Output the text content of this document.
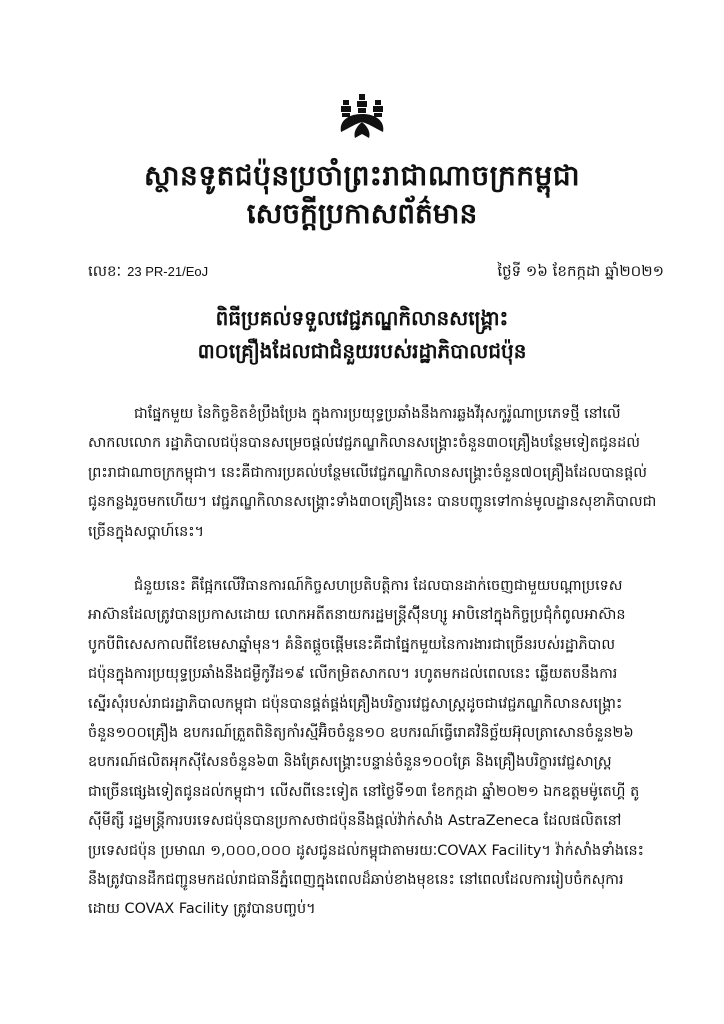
ស្ថានទូតជប៉ុនប្រចាំព្រះរាជាណាចក្រកម្ពុជា
សេចក្តីប្រកាសព័ត៌មាន
លេខៈ 23 PR-21/EoJ	ថ្ងៃទី ១៦ ខែកក្កដា ឆ្នាំ២០២១
ពិធីប្រគល់ទទួលវេជ្ជភណ្ឌកិលានសង្គ្រោះ
៣០គ្រឿងដែលជាជំនួយរបស់រដ្ឋាភិបាលជប៉ុន
ជាផ្នែកមួយ នៃកិច្ចខិតខំប្រឹងប្រែង ក្នុងការប្រយុទ្ធប្រឆាំងនឹងការឆ្លងវីរុសកូរ៉ូណាប្រភេទថ្មី នៅលើ
សាកលលោក រដ្ឋាភិបាលជប៉ុនបានសម្រេចផ្តល់វេជ្ជភណ្ឌកិលានសង្គ្រោះចំនួន៣០គ្រឿងបន្ថែមទៀតជូនដល់
ព្រះរាជាណាចក្រកម្ពុជា។ នេះគឺជាការប្រគល់បន្ថែមលើវេជ្ជភណ្ឌកិលានសង្គ្រោះចំនួន៧០គ្រឿងដែលបានផ្តល់
ជូនកន្លងរួចមកហើយ។ វេជ្ជភណ្ឌកិលានសង្គ្រោះទាំង៣០គ្រឿងនេះ បានបញ្ជូនទៅកាន់មូលដ្ឋានសុខាភិបាលជា
ច្រើនក្នុងសប្តាហ៍នេះ។
ជំនួយនេះ គឺផ្អែកលើវិធានការណ៍កិច្ចសហប្រតិបត្តិការ ដែលបានដាក់ចេញជាមួយបណ្តាប្រទេស
អាស៊ានដែលត្រូវបានប្រកាសដោយ លោកអតីតនាយករដ្ឋមន្ត្រីស៊ុីនហ្សូ អាបិនៅក្នុងកិច្ចប្រជុំកំពូលអាស៊ាន
បូកបីពិសេសកាលពីខែមេសាឆ្នាំមុន។ គំនិតផ្តួចផ្តើមនេះគឺជាផ្នែកមួយនៃការងារជាច្រើនរបស់រដ្ឋាភិបាល
ជប៉ុនក្នុងការប្រយុទ្ធប្រឆាំងនឹងជម្ងឺកូវីដ១៩ លើកម្រិតសាកល។ រហូតមកដល់ពេលនេះ ឆ្លើយតបនឹងការ
ស្នើរសុំរបស់រាជរដ្ឋាភិបាលកម្ពុជា ជប៉ុនបានផ្គត់ផ្គង់គ្រឿងបរិក្ខារវេជ្ជសាស្រ្តដូចជាវេជ្ជភណ្ឌកិលានសង្គ្រោះ
ចំនួន១០០គ្រឿង ឧបករណ៍ត្រួតពិនិត្យកាំរស្មីអ៊ិចចំនួន១០ ឧបករណ៍ធ្វើរោគវិនិច្ឆ័យអ៊ុលត្រាសោនចំនួន២៦
ឧបករណ៍ផលិតអុកស៊ីសែនចំនួន៦៣ និងគ្រែសង្គ្រោះបន្ទាន់ចំនួន១០០គ្រែ និងគ្រឿងបរិក្ខារវេជ្ជសាស្រ្ត
ជាច្រើនផ្សេងទៀតជូនដល់កម្ពុជា។ លើសពីនេះទៀត នៅថ្ងៃទី១៣ ខែកក្កដា ឆ្នាំ២០២១ ឯកឧត្តមម៉ូតេហ្គី តូ
ស៊ីមីត្សឺ រដ្ឋមន្ត្រីការបរទេសជប៉ុនបានប្រកាសថាជប៉ុននឹងផ្តល់វ៉ាក់សាំង AstraZeneca ដែលផលិតនៅ
ប្រទេសជប៉ុន ប្រមាណ ១,០០០,០០០ ដូសជូនដល់កម្ពុជាតាមរយៈCOVAX Facility។ វ៉ាក់សាំងទាំងនេះ
នឹងត្រូវបានដឹកជញ្ជូនមកដល់រាជធានីភ្នំពេញក្នុងពេលដ៏ឆាប់ខាងមុខនេះ នៅពេលដែលការរៀបចំកសុការ
ដោយ COVAX Facility ត្រូវបានបញ្ចប់។
